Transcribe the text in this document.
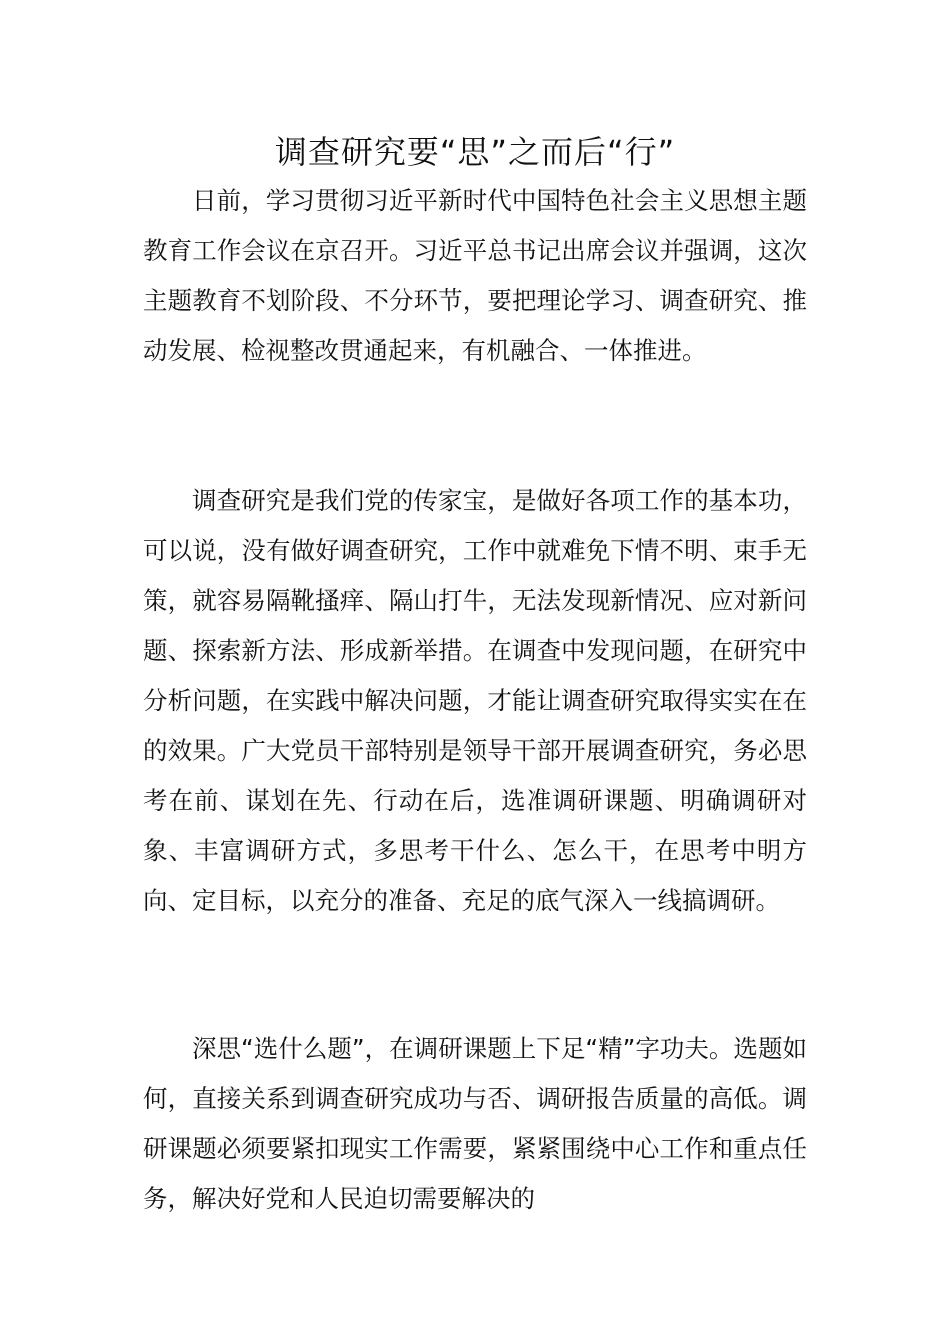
调查研究要“思”之而后“行”

日前，学习贯彻习近平新时代中国特色社会主义思想主题教育工作会议在京召开。习近平总书记出席会议并强调，这次主题教育不划阶段、不分环节，要把理论学习、调查研究、推动发展、检视整改贯通起来，有机融合、一体推进。

调查研究是我们党的传家宝，是做好各项工作的基本功，可以说，没有做好调查研究，工作中就难免下情不明、束手无策，就容易隔靴搔痒、隔山打牛，无法发现新情况、应对新问题、探索新方法、形成新举措。在调查中发现问题，在研究中分析问题，在实践中解决问题，才能让调查研究取得实实在在的效果。广大党员干部特别是领导干部开展调查研究，务必思考在前、谋划在先、行动在后，选准调研课题、明确调研对象、丰富调研方式，多思考干什么、怎么干，在思考中明方向、定目标，以充分的准备、充足的底气深入一线搞调研。

深思“选什么题”，在调研课题上下足“精”字功夫。选题如何，直接关系到调查研究成功与否、调研报告质量的高低。调研课题必须要紧扣现实工作需要，紧紧围绕中心工作和重点任务，解决好党和人民迫切需要解决的
